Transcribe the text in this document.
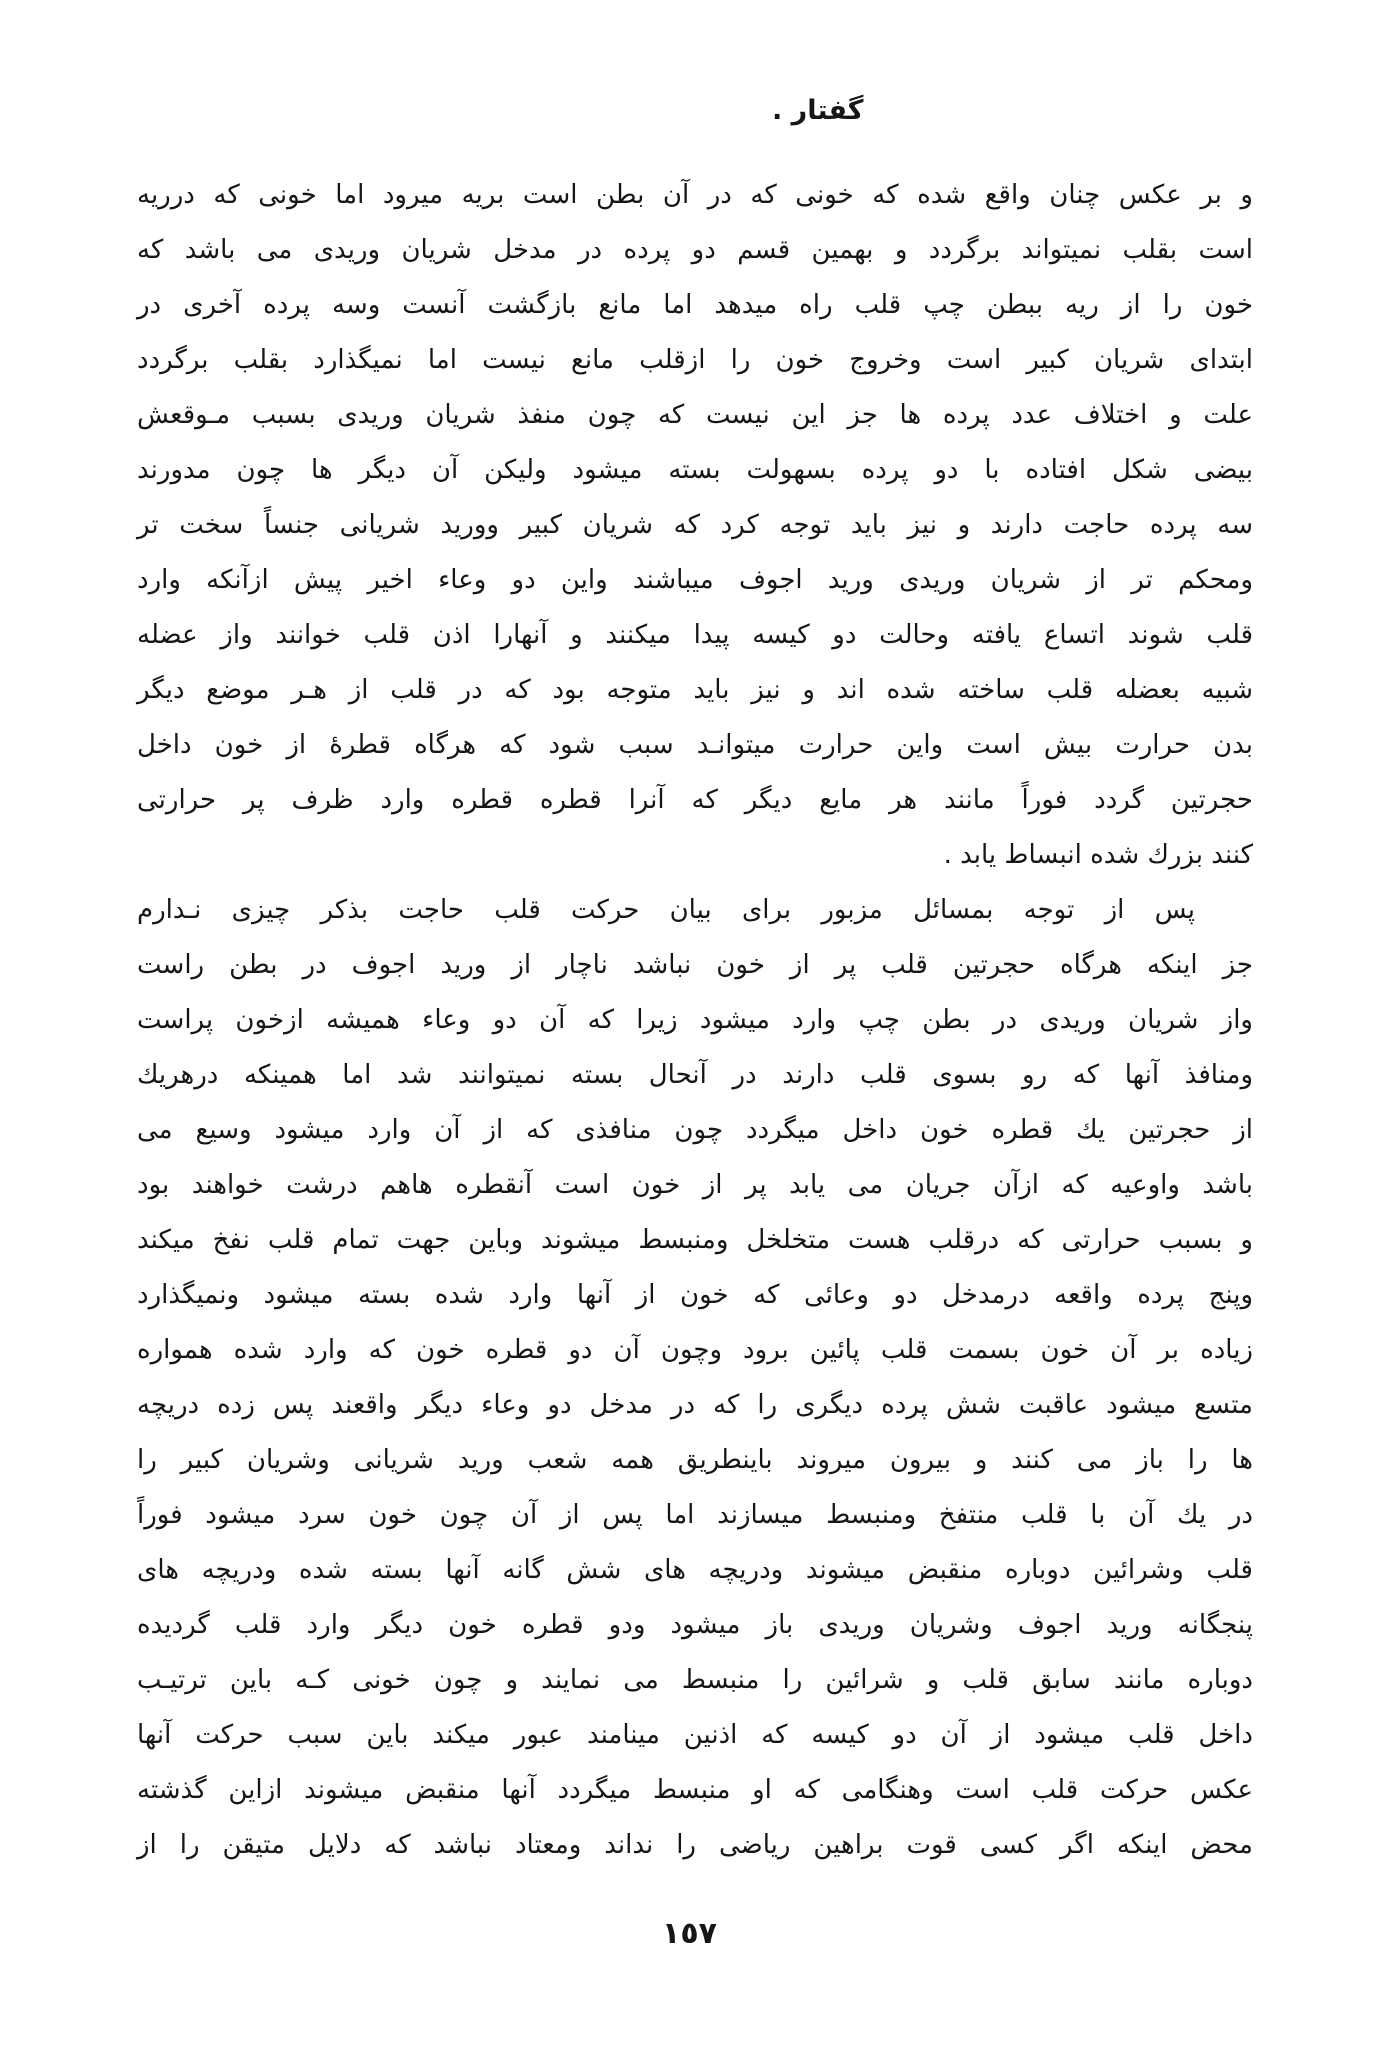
گفتار .
و بر عکس چنان واقع شده که خونی که در آن بطن است بریه میرود اما خونی که درریه
است بقلب نمیتواند برگردد و بهمین قسم دو پرده در مدخل شریان وریدی می باشد که
خون را از ریه ببطن چپ قلب راه میدهد اما مانع بازگشت آنست وسه پرده آخری در
ابتدای شریان کبیر است وخروج خون را ازقلب مانع نیست اما نمیگذارد بقلب برگردد
علت و اختلاف عدد پرده ها جز این نیست که چون منفذ شریان وریدی بسبب مـوقعش
بیضی شکل افتاده با دو پرده بسهولت بسته میشود ولیکن آن دیگر ها چون مدورند
سه پرده حاجت دارند و نیز باید توجه کرد که شریان کبیر وورید شریانی جنساً سخت تر
ومحکم تر از شریان وریدی ورید اجوف میباشند واین دو وعاء اخیر پیش ازآنکه وارد
قلب شوند اتساع یافته وحالت دو کیسه پیدا میکنند و آنهارا اذن قلب خوانند واز عضله
شبیه بعضله قلب ساخته شده اند و نیز باید متوجه بود که در قلب از هـر موضع دیگر
بدن حرارت بیش است واین حرارت میتوانـد سبب شود که هرگاه قطرهٔ از خون داخل
حجرتین گردد فوراً مانند هر مایع دیگر که آنرا قطره قطره وارد ظرف پر حرارتی
کنند بزرك شده انبساط یابد .
پس از توجه بمسائل مزبور برای بیان حرکت قلب حاجت بذکر چیزی نـدارم
جز اینکه هرگاه حجرتین قلب پر از خون نباشد ناچار از ورید اجوف در بطن راست
واز شریان وریدی در بطن چپ وارد میشود زیرا که آن دو وعاء همیشه ازخون پراست
ومنافذ آنها که رو بسوی قلب دارند در آنحال بسته نمیتوانند شد اما همینکه درهریك
از حجرتین یك قطره خون داخل میگردد چون منافذی که از آن وارد میشود وسیع می
باشد واوعیه که ازآن جریان می یابد پر از خون است آنقطره هاهم درشت خواهند بود
و بسبب حرارتی که درقلب هست متخلخل ومنبسط میشوند وباین جهت تمام قلب نفخ میکند
وپنج پرده واقعه درمدخل دو وعائی که خون از آنها وارد شده بسته میشود ونمیگذارد
زیاده بر آن خون بسمت قلب پائین برود وچون آن دو قطره خون که وارد شده همواره
متسع میشود عاقبت شش پرده دیگری را که در مدخل دو وعاء دیگر واقعند پس زده دریچه
ها را باز می کنند و بیرون میروند باینطریق همه شعب ورید شریانی وشریان کبیر را
در یك آن با قلب منتفخ ومنبسط میسازند اما پس از آن چون خون سرد میشود فوراً
قلب وشرائین دوباره منقبض میشوند ودریچه های شش گانه آنها بسته شده ودریچه های
پنجگانه ورید اجوف وشریان وریدی باز میشود ودو قطره خون دیگر وارد قلب گردیده
دوباره مانند سابق قلب و شرائین را منبسط می نمایند و چون خونی کـه باین ترتیـب
داخل قلب میشود از آن دو کیسه که اذنین مینامند عبور میکند باین سبب حرکت آنها
عکس حرکت قلب است وهنگامی که او منبسط میگردد آنها منقبض میشوند ازاین گذشته
محض اینکه اگر کسی قوت براهین ریاضی را نداند ومعتاد نباشد که دلایل متیقن را از
١٥٧
